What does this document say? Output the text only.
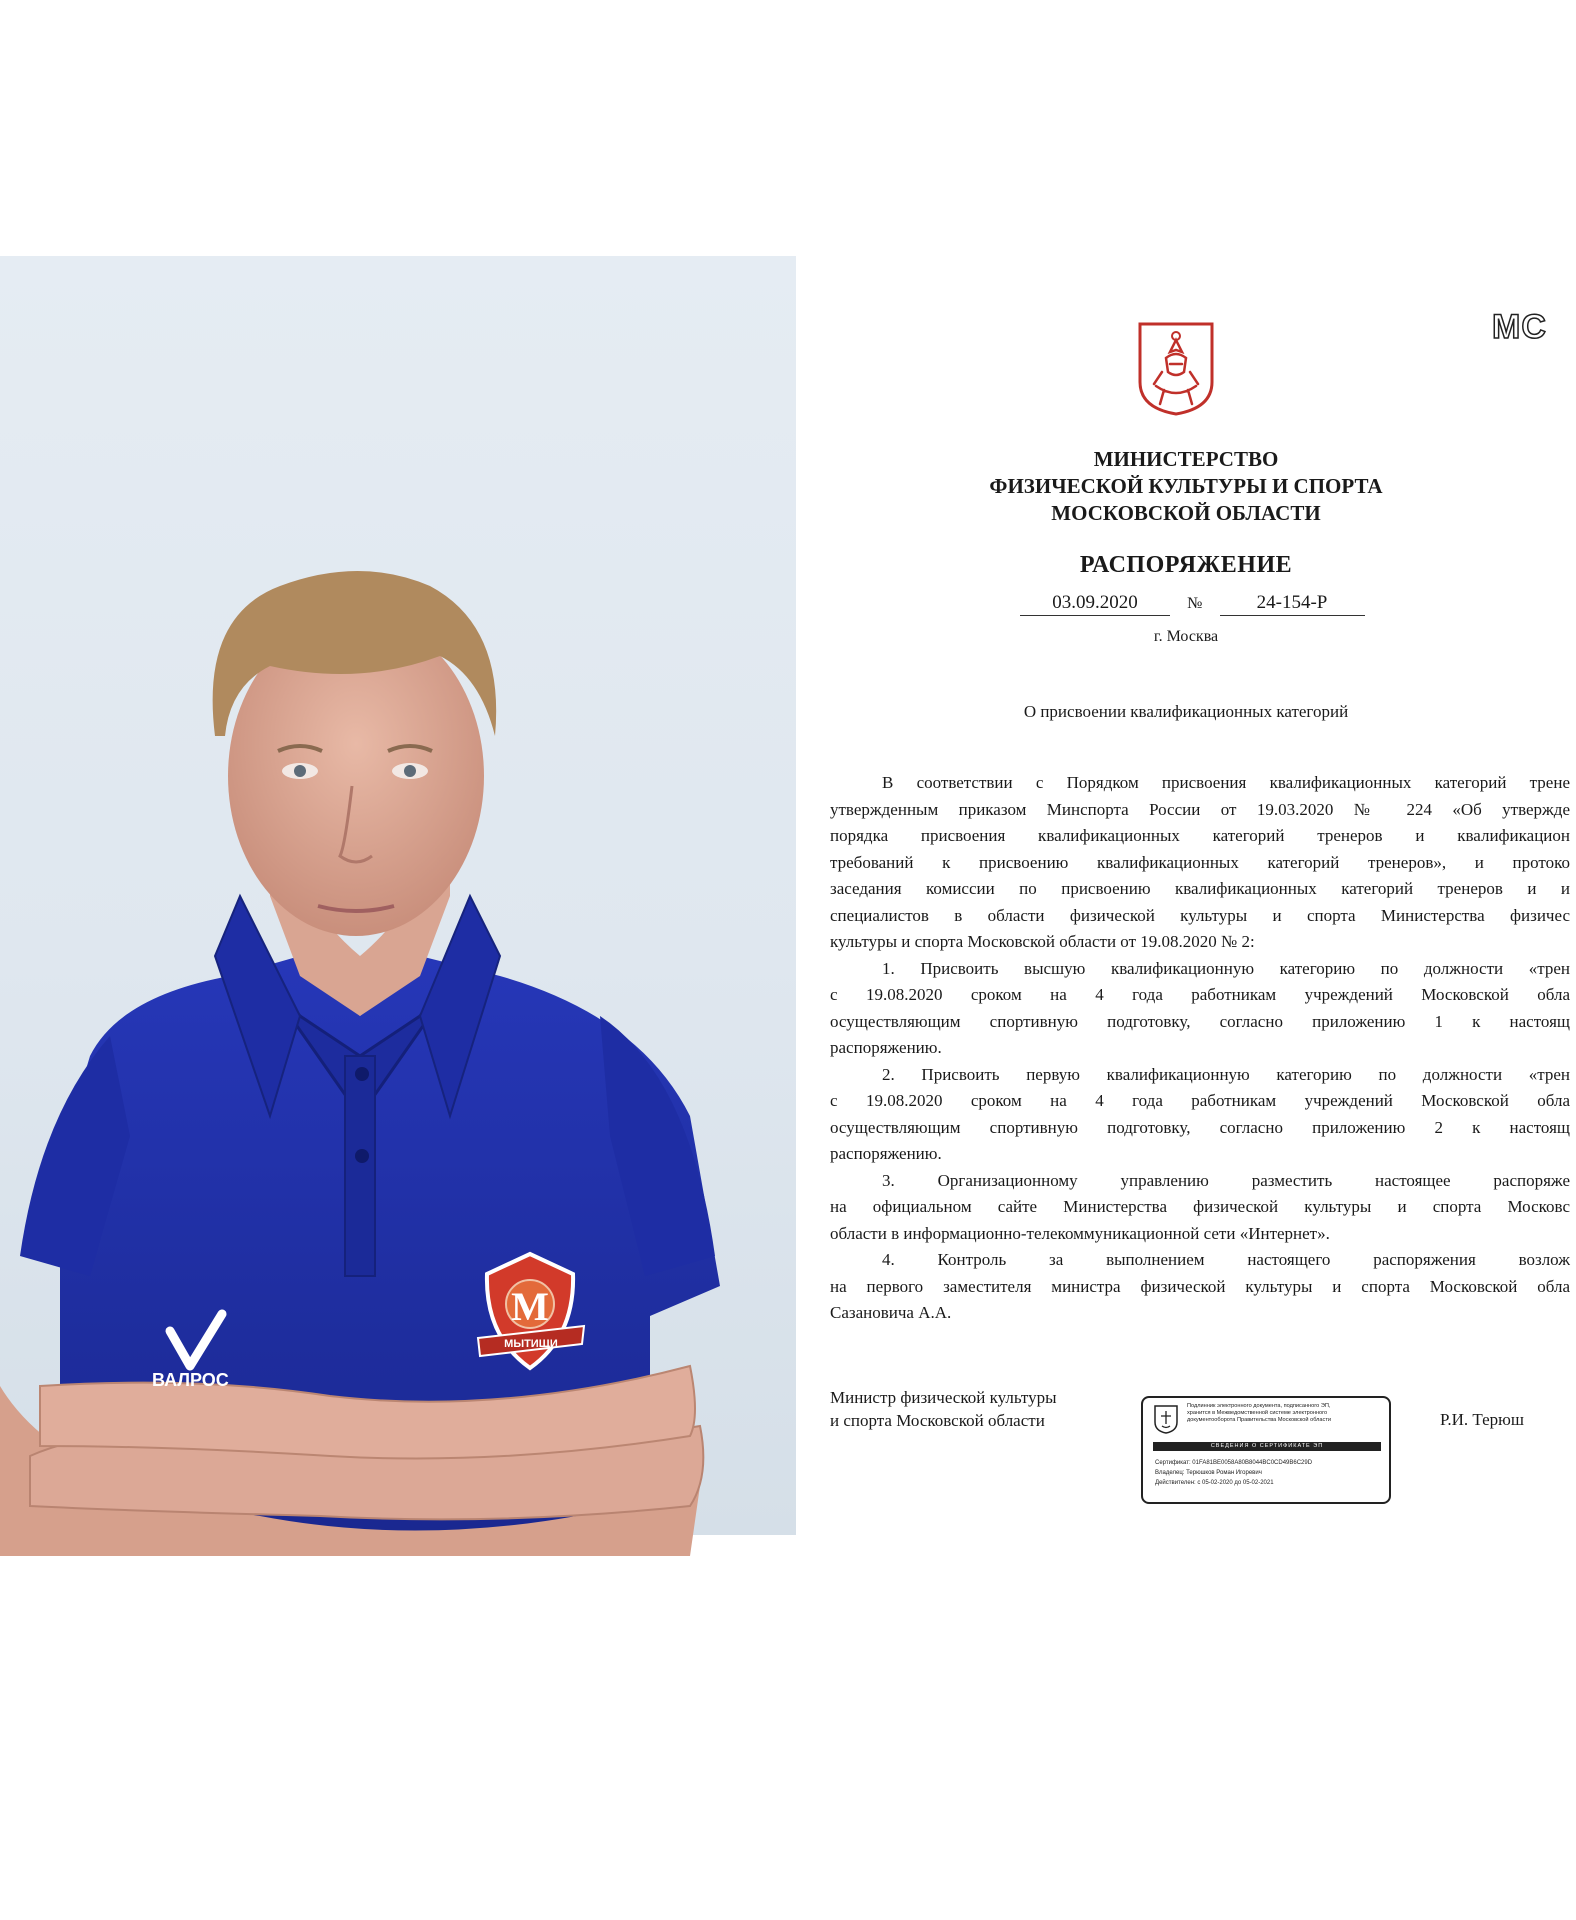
ВАЛРОС
М
МЫТИЩИ
МС
МИНИСТЕРСТВО
ФИЗИЧЕСКОЙ КУЛЬТУРЫ И СПОРТА
МОСКОВСКОЙ ОБЛАСТИ
РАСПОРЯЖЕНИЕ
03.09.2020	№	24-154-Р
г. Москва
О присвоении квалификационных категорий

В соответствии с Порядком присвоения квалификационных категорий трене

утвержденным приказом Минспорта России от 19.03.2020 № 224 «Об утвержде

порядка присвоения квалификационных категорий тренеров и квалификацион

требований к присвоению квалификационных категорий тренеров», и протоко

заседания комиссии по присвоению квалификационных категорий тренеров и и

специалистов в области физической культуры и спорта Министерства физичес

культуры и спорта Московской области от 19.08.2020 № 2:

1. Присвоить высшую квалификационную категорию по должности «трен

с 19.08.2020 сроком на 4 года работникам учреждений Московской обла

осуществляющим спортивную подготовку, согласно приложению 1 к настоящ

распоряжению.

2. Присвоить первую квалификационную категорию по должности «трен

с 19.08.2020 сроком на 4 года работникам учреждений Московской обла

осуществляющим спортивную подготовку, согласно приложению 2 к настоящ

распоряжению.

3. Организационному управлению разместить настоящее распоряже

на официальном сайте Министерства физической культуры и спорта Московс

области в информационно-телекоммуникационной сети «Интернет».

4. Контроль за выполнением настоящего распоряжения возлож

на первого заместителя министра физической культуры и спорта Московской обла

Сазановича А.А.

Министр физической культуры
и спорта Московской области
Подлинник электронного документа, подписанного ЭП,
хранится в Межведомственной системе электронного
документооборота Правительства Московской области
СВЕДЕНИЯ О СЕРТИФИКАТЕ ЭП
Сертификат: 01FA81BE0058A80B8044BC0CD49B6C29D
Владелец: Терюшков Роман Игоревич
Действителен: с 05-02-2020 до 05-02-2021
Р.И. Терюш
